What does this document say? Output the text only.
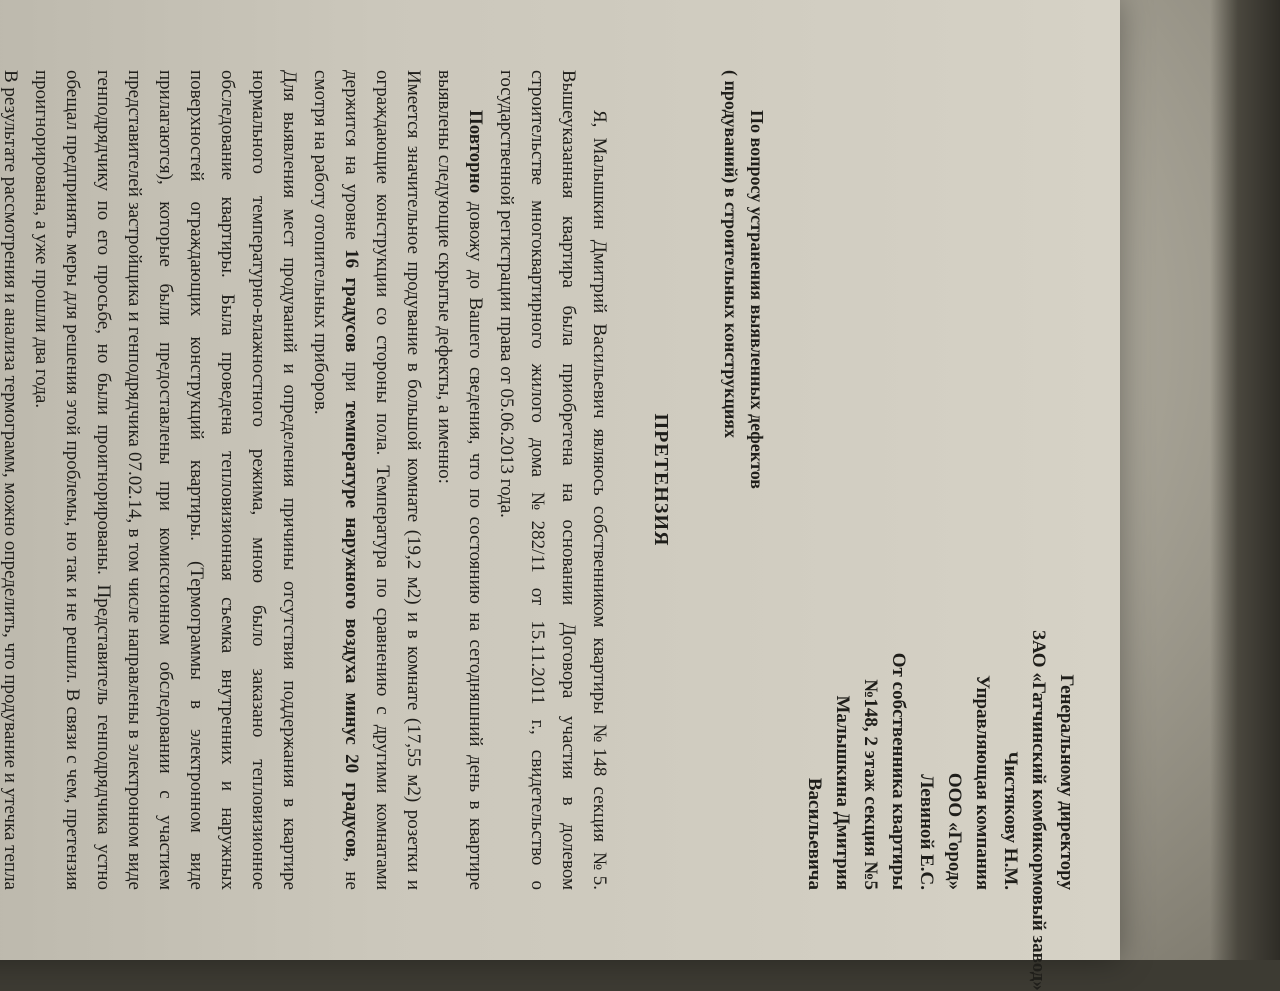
Генеральному директору
ЗАО «Гатчинский комбикормовый завод»
Чистякову Н.М.
Управляющая компания
ООО «Город»
Левиной Е.С.
От собственника квартиры
№148, 2 этаж секция №5
Малышкина Дмитрия
Васильевича
По вопросу устранения выявленных дефектов ( продуваний) в строительных конструкциях
ПРЕТЕНЗИЯ

Я, Малышкин Дмитрий Васильевич являюсь собственником квартиры №148 секция №5. Вышеуказанная квартира была приобретена на основании Договора участия в долевом строительстве многоквартирного жилого дома №282/11 от 15.11.2011 г., свидетельство о государственной регистрации права от 05.06.2013 года.

Повторно довожу до Вашего сведения, что по состоянию на сегодняшний день в квартире выявлены следующие скрытые дефекты, а именно:

Имеется значительное продувание в большой комнате (19,2 м2) и в комнате (17,55 м2) розетки и ограждающие конструкции со стороны пола. Температура по сравнению с другими комнатами держится на уровне 16 градусов при температуре наружного воздуха минус 20 градусов, не смотря на работу отопительных приборов.

Для выявления мест продуваний и определения причины отсутствия поддержания в квартире нормального температурно-влажностного режима, мною было заказано тепловизионное обследование квартиры. Была проведена тепловизионная съемка внутренних и наружных поверхностей ограждающих конструкций квартиры. (Термограммы в электронном виде прилагаются), которые были предоставлены при комиссионном обследовании с участием представителей застройщика и генподрядчика 07.02.14, в том числе направлены в электронном виде генподрядчику по его просьбе, но были проигнорированы. Представитель генподрядчика устно обещал предпринять меры для решения этой проблемы, но так и не решил. В связи с чем, претензия проигнорирована, а уже прошли два года.

В результате рассмотрения и анализа термограмм, можно определить, что продувание и утечка тепла
